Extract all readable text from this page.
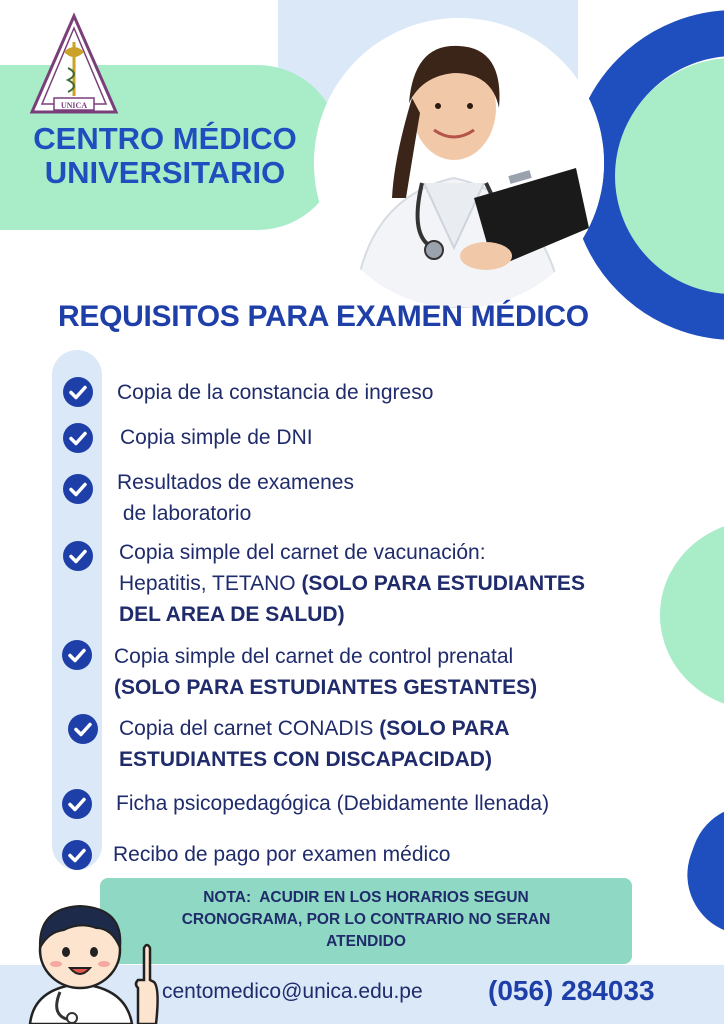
UNICA
CENTRO MÉDICO
UNIVERSITARIO
REQUISITOS PARA EXAMEN MÉDICO
Copia de la constancia de ingreso
Copia simple de DNI
Resultados de examenes
de laboratorio
Copia simple del carnet de vacunación:
Hepatitis, TETANO (SOLO PARA ESTUDIANTES
DEL AREA DE SALUD)
Copia simple del carnet de control prenatal
(SOLO PARA ESTUDIANTES GESTANTES)
Copia del carnet CONADIS (SOLO PARA
ESTUDIANTES CON DISCAPACIDAD)
Ficha psicopedagógica (Debidamente llenada)
Recibo de pago por examen médico
NOTA:  ACUDIR EN LOS HORARIOS SEGUN
CRONOGRAMA, POR LO CONTRARIO NO SERAN
ATENDIDO
centomedico@unica.edu.pe (056) 284033
